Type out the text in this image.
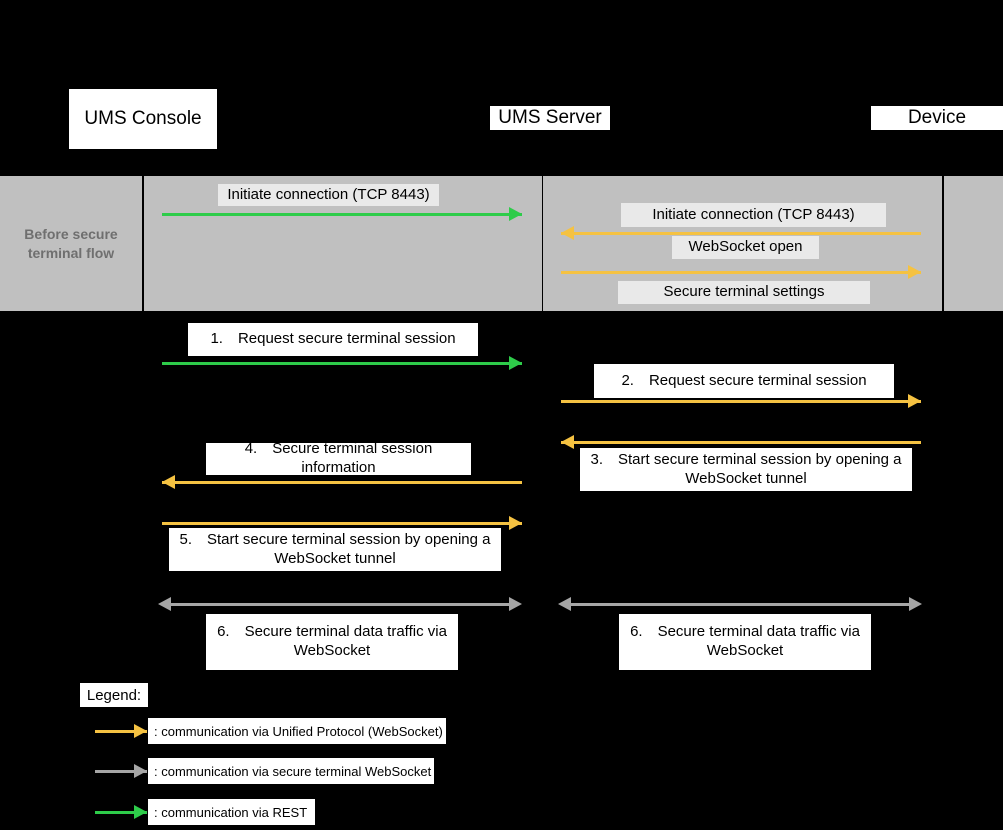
UMS Console	UMS Server	Device
Before secure terminal flow
Initiate connection (TCP 8443)
Initiate connection (TCP 8443)
WebSocket open
Secure terminal settings
1. Request secure terminal session
2. Request secure terminal session
3. Start secure terminal session by opening a WebSocket tunnel
4. Secure terminal session information
5. Start secure terminal session by opening a WebSocket tunnel
6. Secure terminal data traffic via WebSocket
6. Secure terminal data traffic via WebSocket
Legend:
: communication via Unified Protocol (WebSocket)
: communication via secure terminal WebSocket
: communication via REST
